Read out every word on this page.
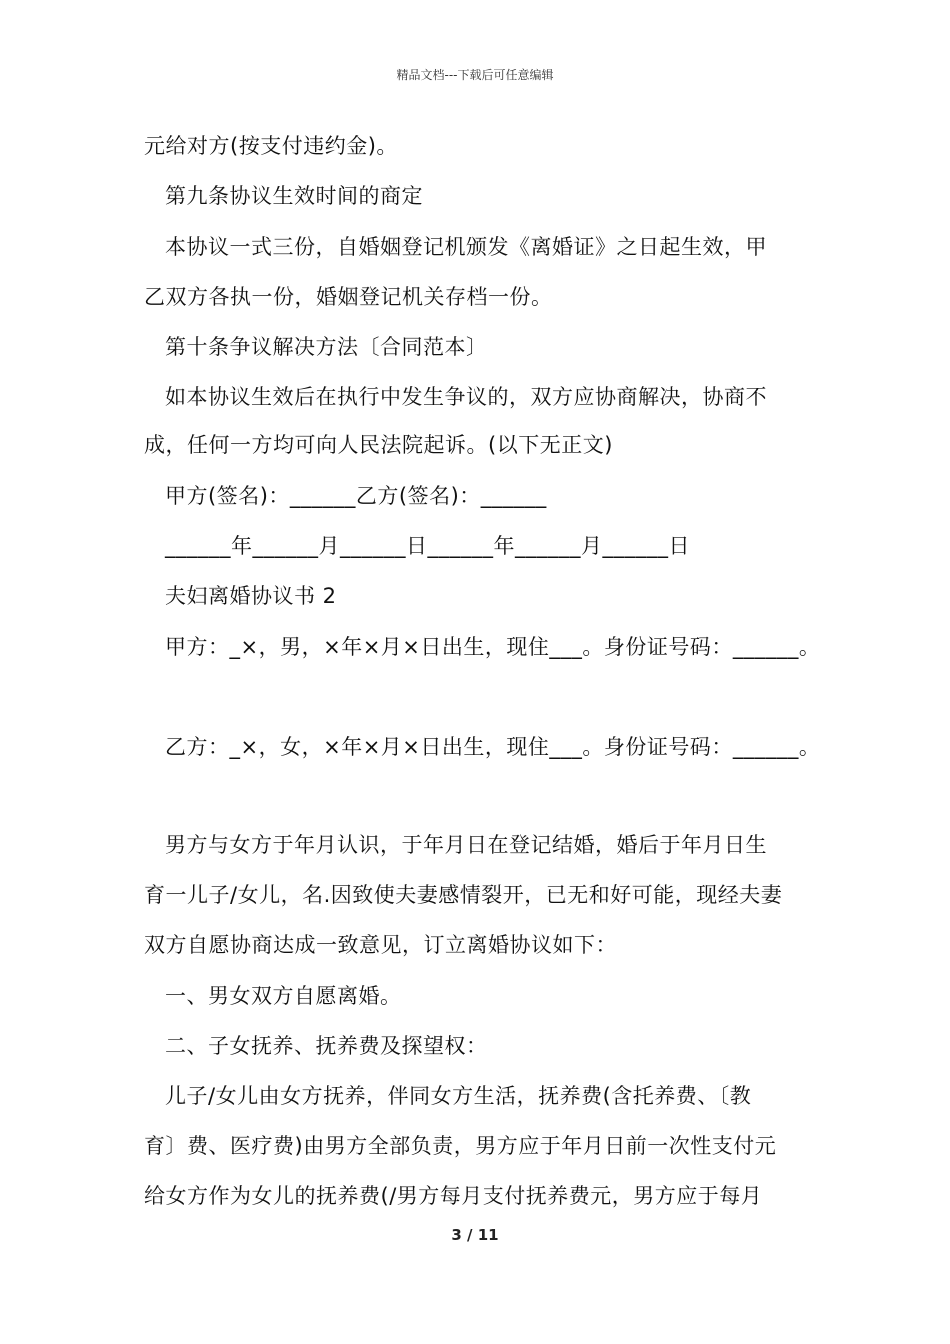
精品文档---下载后可任意编辑
元给对方(按支付违约金)。
第九条协议生效时间的商定
本协议一式三份，自婚姻登记机颁发《离婚证》之日起生效，甲
乙双方各执一份，婚姻登记机关存档一份。
第十条争议解决方法〔合同范本〕
如本协议生效后在执行中发生争议的，双方应协商解决，协商不
成，任何一方均可向人民法院起诉。(以下无正文)
甲方(签名)：______乙方(签名)：______
______年______月______日______年______月______日
夫妇离婚协议书 2
甲方：_×，男，×年×月×日出生，现住___。身份证号码：______。
乙方：_×，女，×年×月×日出生，现住___。身份证号码：______。
男方与女方于年月认识，于年月日在登记结婚，婚后于年月日生
育一儿子/女儿，名.因致使夫妻感情裂开，已无和好可能，现经夫妻
双方自愿协商达成一致意见，订立离婚协议如下：
一、男女双方自愿离婚。
二、子女抚养、抚养费及探望权：
儿子/女儿由女方抚养，伴同女方生活，抚养费(含托养费、〔教
育〕费、医疗费)由男方全部负责，男方应于年月日前一次性支付元
给女方作为女儿的抚养费(/男方每月支付抚养费元，男方应于每月
3 / 11
